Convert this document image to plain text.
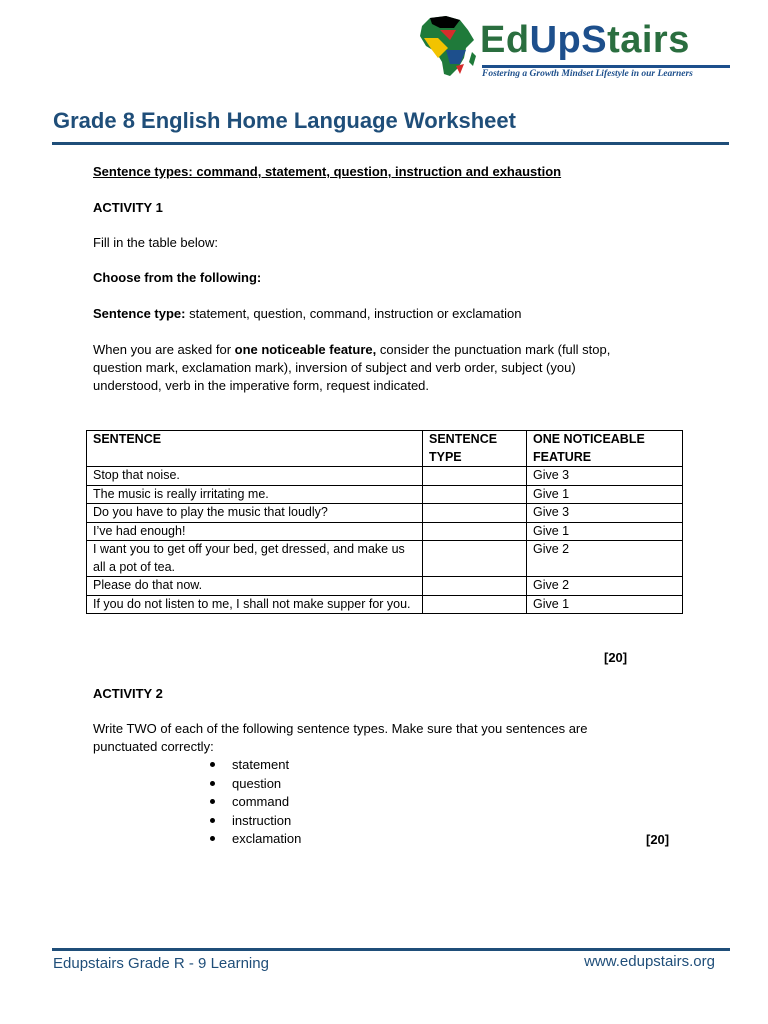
EdUpStairs
Fostering a Growth Mindset Lifestyle in our Learners
Grade 8 English Home Language Worksheet
Sentence types: command, statement, question, instruction and exhaustion
ACTIVITY 1
Fill in the table below:
Choose from the following:
Sentence type: statement, question, command, instruction or exclamation
When you are asked for one noticeable feature, consider the punctuation mark (full stop,
question mark, exclamation mark), inversion of subject and verb order, subject (you)
understood, verb in the imperative form, request indicated.
SENTENCE	SENTENCE TYPE	ONE NOTICEABLE FEATURE
Stop that noise.		Give 3
The music is really irritating me.		Give 1
Do you have to play the music that loudly?		Give 3
I’ve had enough!		Give 1
I want you to get off your bed, get dressed, and make us all a pot of tea.		Give 2
Please do that now.		Give 2
If you do not listen to me, I shall not make supper for you.		Give 1
[20]
ACTIVITY 2
Write TWO of each of the following sentence types. Make sure that you sentences are
punctuated correctly:
statement
question
command
instruction
exclamation	[20]
Edupstairs Grade R - 9 Learning	www.edupstairs.org
